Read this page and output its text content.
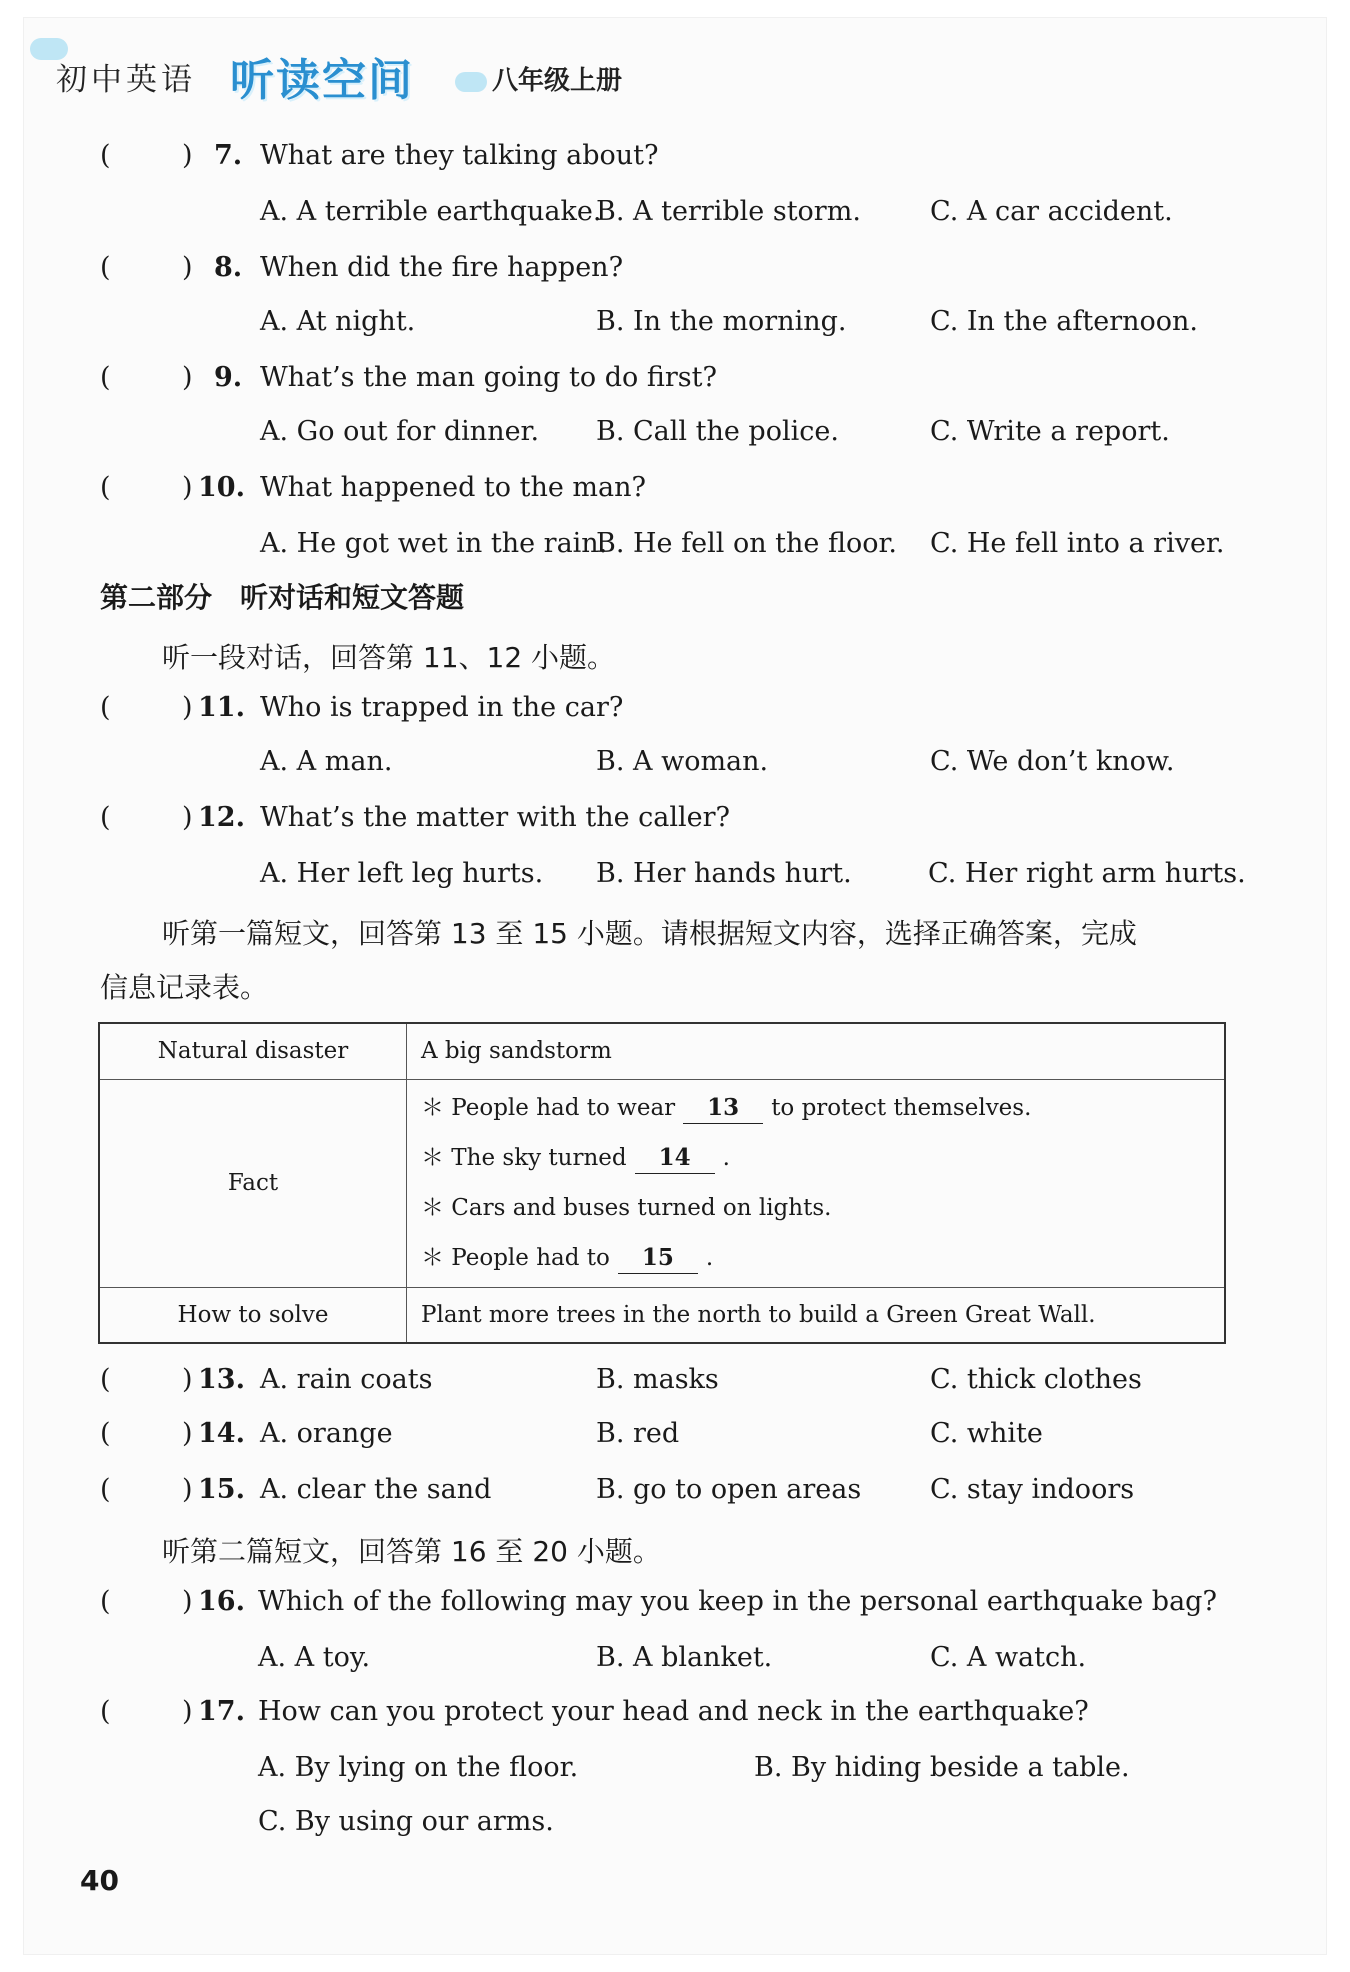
初中英语 听读空间	八年级上册
(	) 7. What are they talking about?
A. A terrible earthquake.
B. A terrible storm.	C. A car accident.
(	) 8. When did the fire happen?
A. At night.	B. In the morning.	C. In the afternoon.
(	) 9. What’s the man going to do first?
A. Go out for dinner. B. Call the police.	C. Write a report.
(	) 10. What happened to the man?
A. He got wet in the rain.
B. He fell on the floor. C. He fell into a river.
第二部分　听对话和短文答题
听一段对话，回答第 11、12 小题。
(	) 11. Who is trapped in the car?
A. A man.	B. A woman.	C. We don’t know.
(	) 12. What’s the matter with the caller?
A. Her left leg hurts. B. Her hands hurt.	C. Her right arm hurts.
听第一篇短文，回答第 13 至 15 小题。请根据短文内容，选择正确答案，完成
信息记录表。
Natural disaster	A big sandstorm
Fact	＊ People had to wear 13 to protect themselves.
＊ The sky turned 14 .
＊ Cars and buses turned on lights.
＊ People had to 15 .

How to solve	Plant more trees in the north to build a Green Great Wall.
(	) 13. A. rain coats	B. masks	C. thick clothes
(	) 14. A. orange	B. red	C. white
(	) 15. A. clear the sand	B. go to open areas	C. stay indoors
听第二篇短文，回答第 16 至 20 小题。
(	) 16. Which of the following may you keep in the personal earthquake bag?
A. A toy.	B. A blanket.	C. A watch.
(	) 17. How can you protect your head and neck in the earthquake?
A. By lying on the floor.	B. By hiding beside a table.
C. By using our arms.
40
